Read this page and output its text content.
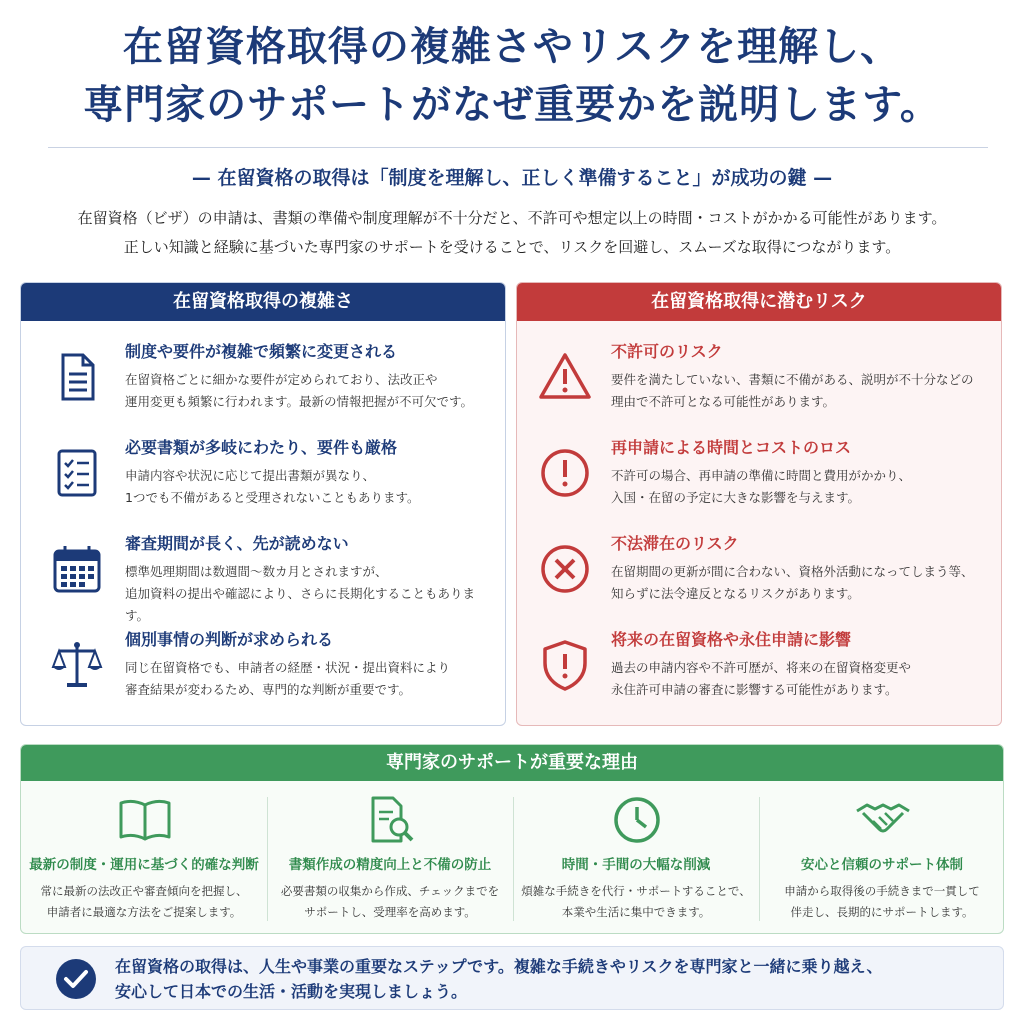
在留資格取得の複雑さやリスクを理解し、
専門家のサポートがなぜ重要かを説明します。
— 在留資格の取得は「制度を理解し、正しく準備すること」が成功の鍵 —
在留資格（ビザ）の申請は、書類の準備や制度理解が不十分だと、不許可や想定以上の時間・コストがかかる可能性があります。
正しい知識と経験に基づいた専門家のサポートを受けることで、リスクを回避し、スムーズな取得につながります。
在留資格取得の複雑さ
制度や要件が複雑で頻繁に変更される
在留資格ごとに細かな要件が定められており、法改正や
運用変更も頻繁に行われます。最新の情報把握が不可欠です。
必要書類が多岐にわたり、要件も厳格
申請内容や状況に応じて提出書類が異なり、
1つでも不備があると受理されないこともあります。
審査期間が長く、先が読めない
標準処理期間は数週間〜数カ月とされますが、
追加資料の提出や確認により、さらに長期化することもあります。
個別事情の判断が求められる
同じ在留資格でも、申請者の経歴・状況・提出資料により
審査結果が変わるため、専門的な判断が重要です。
在留資格取得に潜むリスク
不許可のリスク
要件を満たしていない、書類に不備がある、説明が不十分などの
理由で不許可となる可能性があります。
再申請による時間とコストのロス
不許可の場合、再申請の準備に時間と費用がかかり、
入国・在留の予定に大きな影響を与えます。
不法滞在のリスク
在留期間の更新が間に合わない、資格外活動になってしまう等、
知らずに法令違反となるリスクがあります。
将来の在留資格や永住申請に影響
過去の申請内容や不許可歴が、将来の在留資格変更や
永住許可申請の審査に影響する可能性があります。
専門家のサポートが重要な理由
最新の制度・運用に基づく的確な判断
常に最新の法改正や審査傾向を把握し、
申請者に最適な方法をご提案します。
書類作成の精度向上と不備の防止
必要書類の収集から作成、チェックまでを
サポートし、受理率を高めます。
時間・手間の大幅な削減
煩雑な手続きを代行・サポートすることで、
本業や生活に集中できます。
安心と信頼のサポート体制
申請から取得後の手続きまで一貫して
伴走し、長期的にサポートします。
在留資格の取得は、人生や事業の重要なステップです。複雑な手続きやリスクを専門家と一緒に乗り越え、
安心して日本での生活・活動を実現しましょう。
